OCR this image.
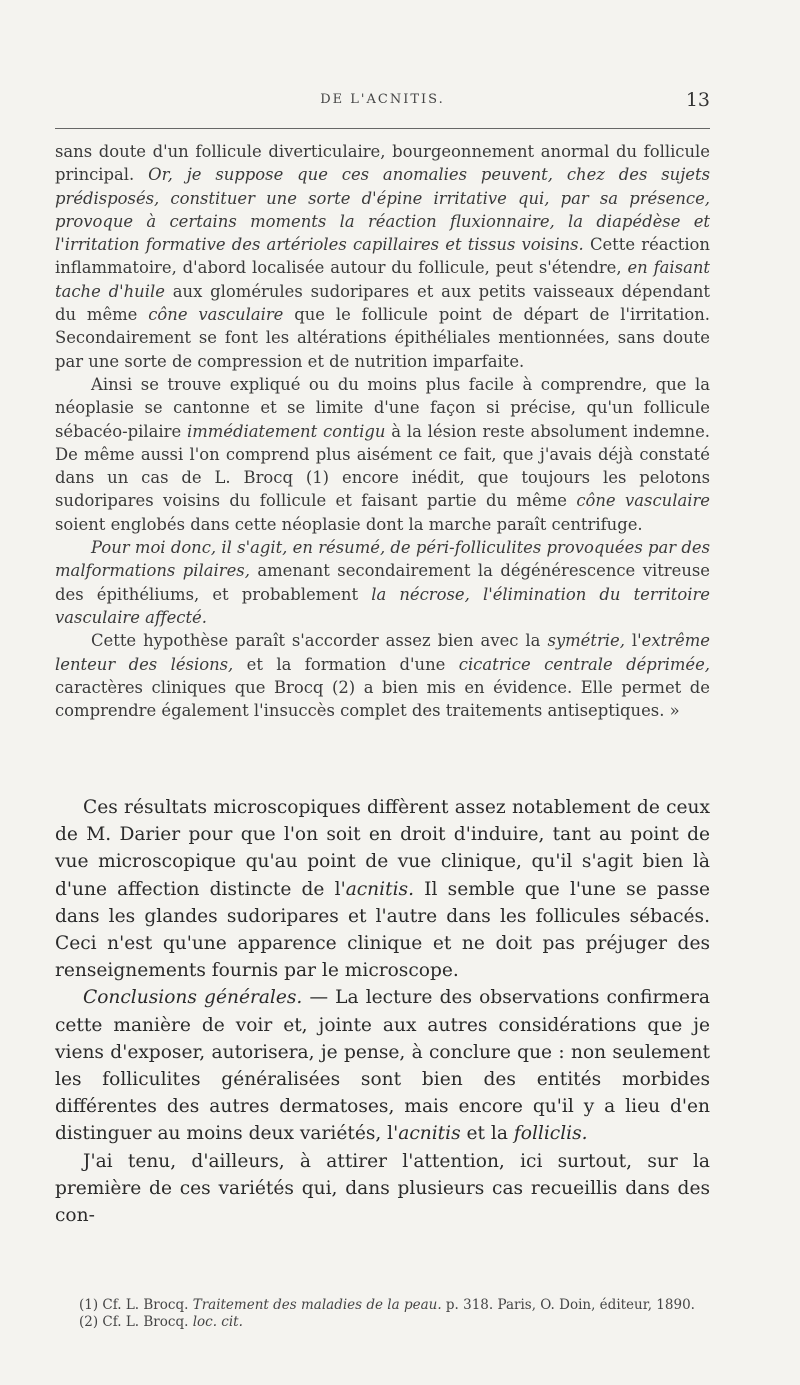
DE L'ACNITIS.	13

sans doute d'un follicule diverticulaire, bourgeonnement anormal du follicule principal. Or, je suppose que ces anomalies peuvent, chez des sujets prédisposés, constituer une sorte d'épine irritative qui, par sa présence, provoque à certains moments la réaction fluxionnaire, la diapédèse et l'irritation formative des artérioles capillaires et tissus voisins. Cette réaction inflammatoire, d'abord localisée autour du follicule, peut s'étendre, en faisant tache d'huile aux glomérules sudoripares et aux petits vaisseaux dépendant du même cône vasculaire que le follicule point de départ de l'irritation. Secondairement se font les altérations épithéliales mentionnées, sans doute par une sorte de compression et de nutrition imparfaite.

Ainsi se trouve expliqué ou du moins plus facile à comprendre, que la néoplasie se cantonne et se limite d'une façon si précise, qu'un follicule sébacéo-pilaire immédiatement contigu à la lésion reste absolument indemne. De même aussi l'on comprend plus aisément ce fait, que j'avais déjà constaté dans un cas de L. Brocq (1) encore inédit, que toujours les pelotons sudoripares voisins du follicule et faisant partie du même cône vasculaire soient englobés dans cette néoplasie dont la marche paraît centrifuge.

Pour moi donc, il s'agit, en résumé, de péri-folliculites provoquées par des malformations pilaires, amenant secondairement la dégénérescence vitreuse des épithéliums, et probablement la nécrose, l'élimination du territoire vasculaire affecté.

Cette hypothèse paraît s'accorder assez bien avec la symétrie, l'extrême lenteur des lésions, et la formation d'une cicatrice centrale déprimée, caractères cliniques que Brocq (2) a bien mis en évidence. Elle permet de comprendre également l'insuccès complet des traitements antiseptiques. »

Ces résultats microscopiques diffèrent assez notablement de ceux de M. Darier pour que l'on soit en droit d'induire, tant au point de vue microscopique qu'au point de vue clinique, qu'il s'agit bien là d'une affection distincte de l'acnitis. Il semble que l'une se passe dans les glandes sudoripares et l'autre dans les follicules sébacés. Ceci n'est qu'une apparence clinique et ne doit pas préjuger des renseignements fournis par le microscope.

Conclusions générales. — La lecture des observations confirmera cette manière de voir et, jointe aux autres considérations que je viens d'exposer, autorisera, je pense, à conclure que : non seulement les folliculites généralisées sont bien des entités morbides différentes des autres dermatoses, mais encore qu'il y a lieu d'en distinguer au moins deux variétés, l'acnitis et la folliclis.

J'ai tenu, d'ailleurs, à attirer l'attention, ici surtout, sur la première de ces variétés qui, dans plusieurs cas recueillis dans des con-

(1) Cf. L. Brocq. Traitement des maladies de la peau. p. 318. Paris, O. Doin, éditeur, 1890.

(2) Cf. L. Brocq. loc. cit.
